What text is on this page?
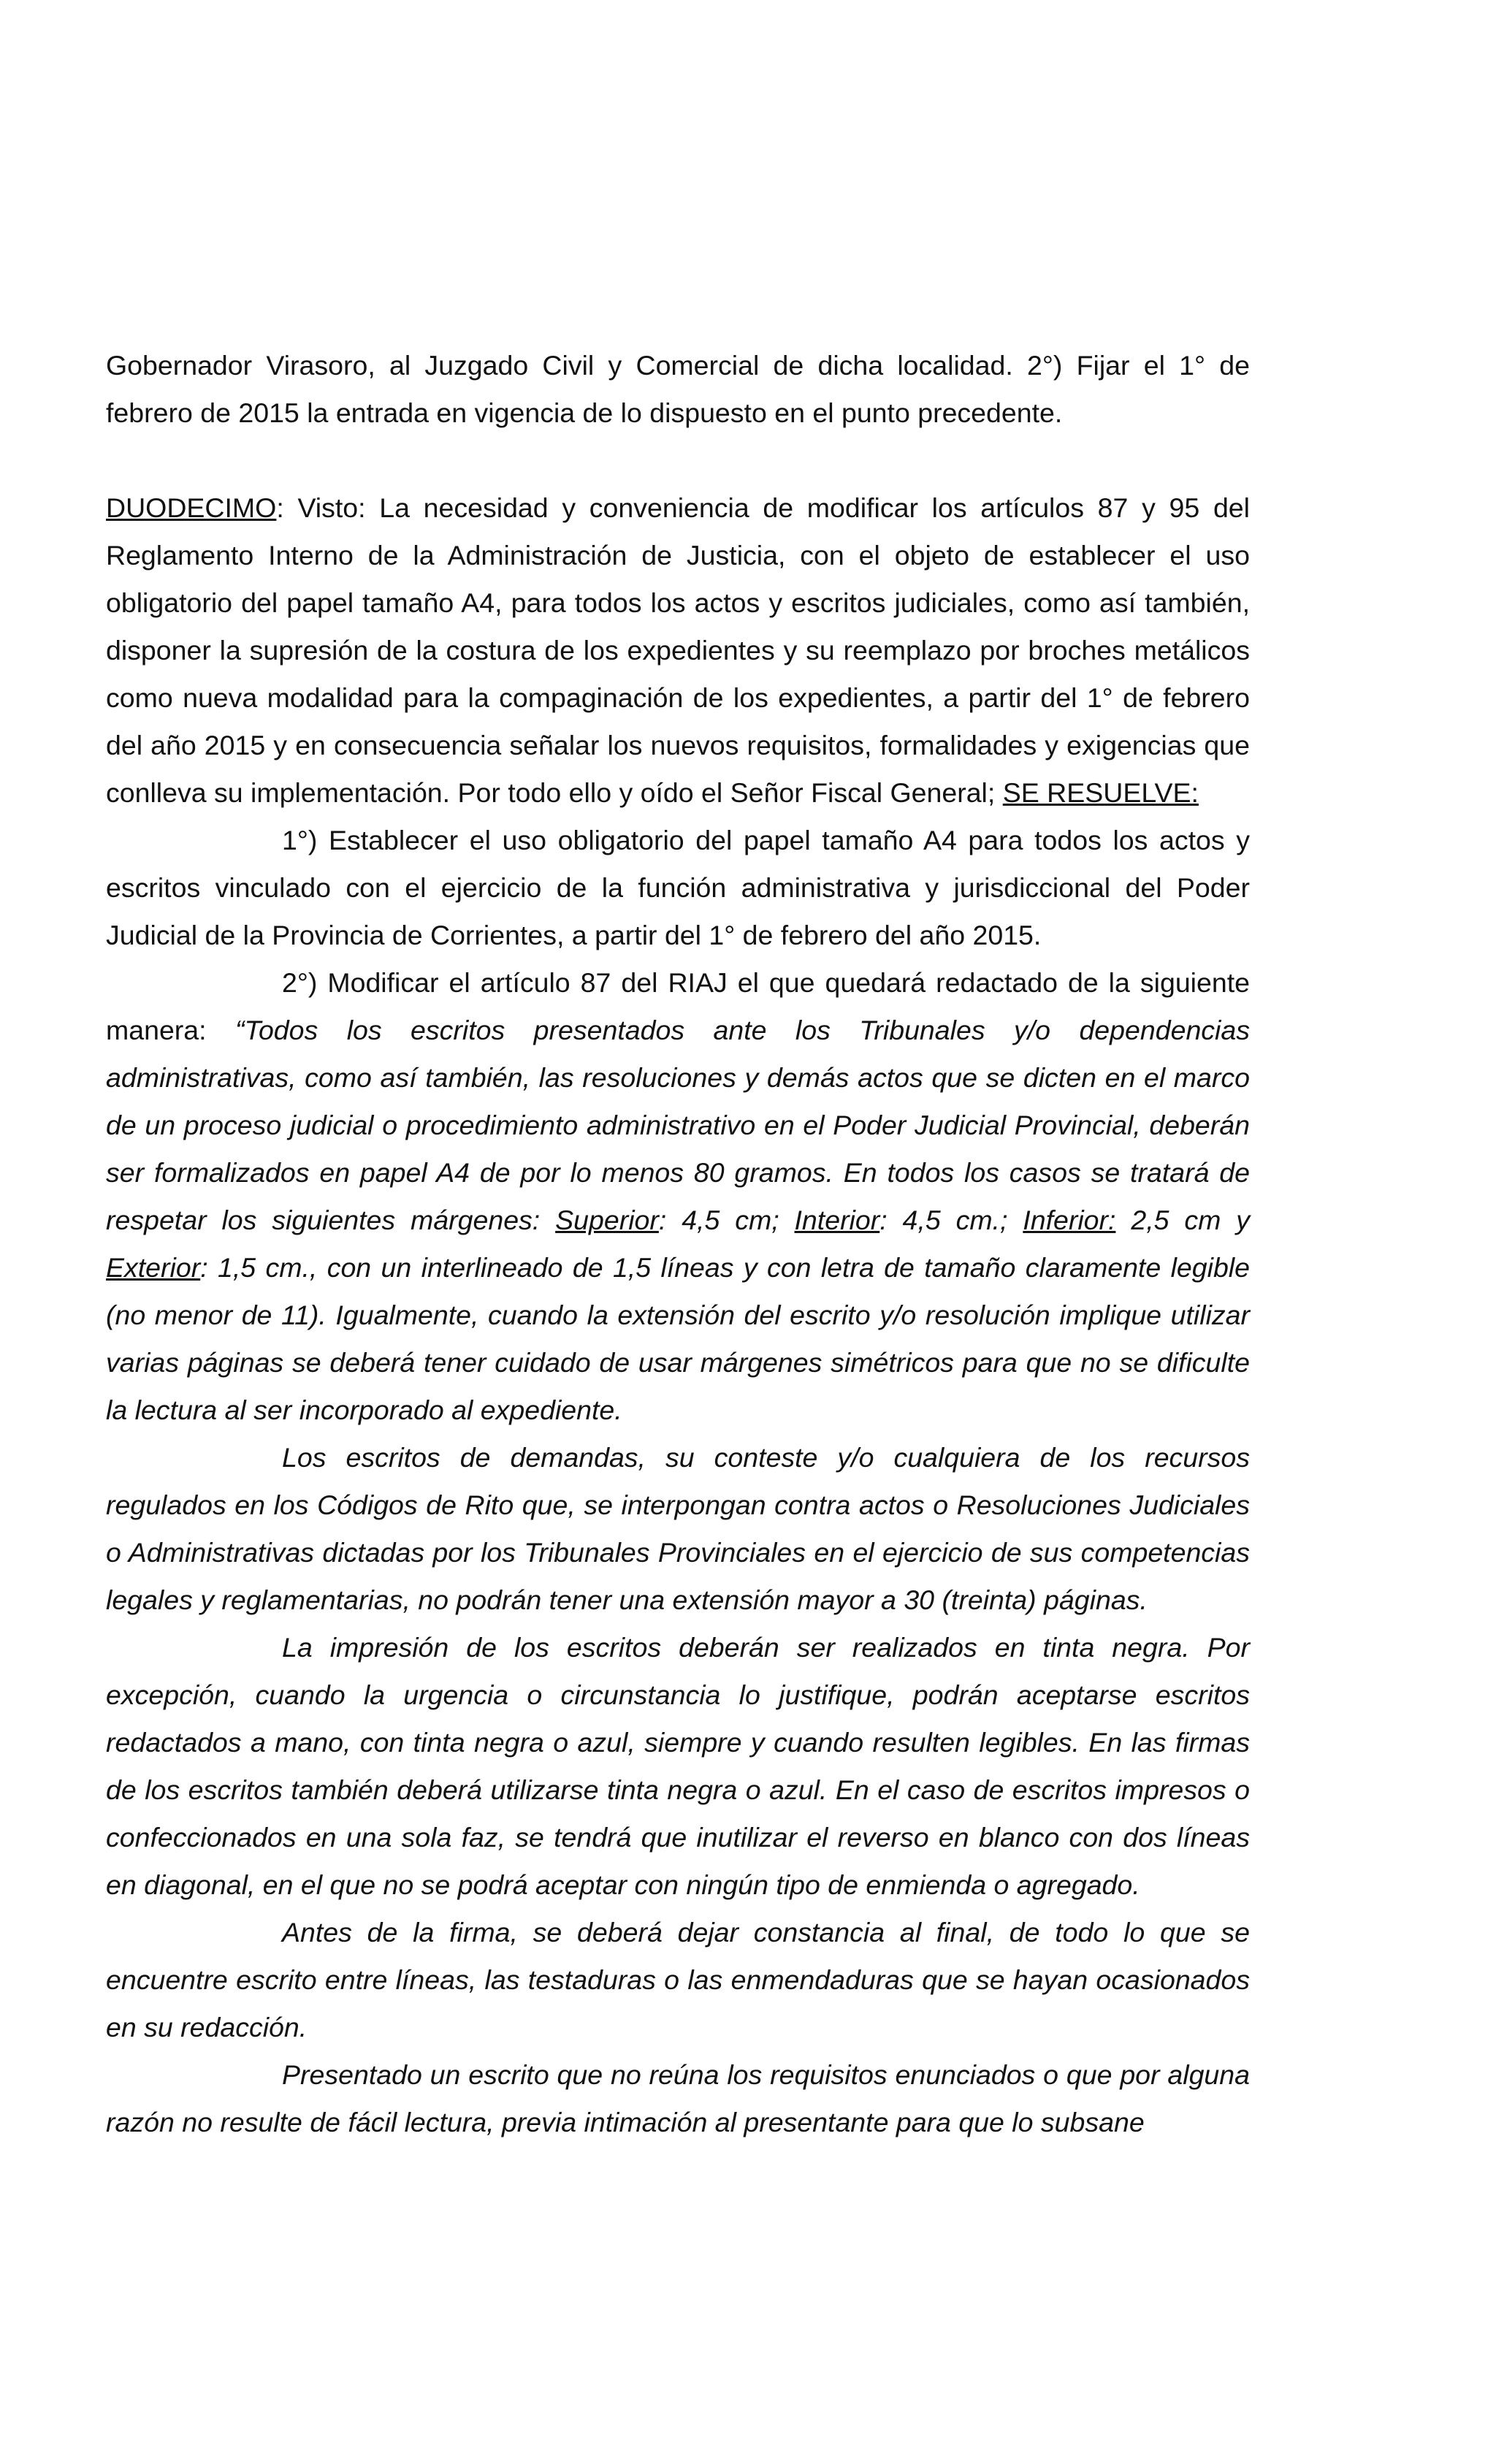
Gobernador Virasoro, al Juzgado Civil y Comercial de dicha localidad. 2°) Fijar el 1° de febrero de 2015 la entrada en vigencia de lo dispuesto en el punto precedente.

DUODECIMO: Visto: La necesidad y conveniencia de modificar los artículos 87 y 95 del Reglamento Interno de la Administración de Justicia, con el objeto de establecer el uso obligatorio del papel tamaño A4, para todos los actos y escritos judiciales, como así también, disponer la supresión de la costura de los expedientes y su reemplazo por broches metálicos como nueva modalidad para la compaginación de los expedientes, a partir del 1° de febrero del año 2015 y en consecuencia señalar los nuevos requisitos, formalidades y exigencias que conlleva su implementación. Por todo ello y oído el Señor Fiscal General; SE RESUELVE:

1°) Establecer el uso obligatorio del papel tamaño A4 para todos los actos y escritos vinculado con el ejercicio de la función administrativa y jurisdiccional del Poder Judicial de la Provincia de Corrientes, a partir del 1° de febrero del año 2015.

2°) Modificar el artículo 87 del RIAJ el que quedará redactado de la siguiente manera: “Todos los escritos presentados ante los Tribunales y/o dependencias administrativas, como así también, las resoluciones y demás actos que se dicten en el marco de un proceso judicial o procedimiento administrativo en el Poder Judicial Provincial, deberán ser formalizados en papel A4 de por lo menos 80 gramos. En todos los casos se tratará de respetar los siguientes márgenes: Superior: 4,5 cm; Interior: 4,5 cm.; Inferior: 2,5 cm y Exterior: 1,5 cm., con un interlineado de 1,5 líneas y con letra de tamaño claramente legible (no menor de 11). Igualmente, cuando la extensión del escrito y/o resolución implique utilizar varias páginas se deberá tener cuidado de usar márgenes simétricos para que no se dificulte la lectura al ser incorporado al expediente.

Los escritos de demandas, su conteste y/o cualquiera de los recursos regulados en los Códigos de Rito que, se interpongan contra actos o Resoluciones Judiciales o Administrativas dictadas por los Tribunales Provinciales en el ejercicio de sus competencias legales y reglamentarias, no podrán tener una extensión mayor a 30 (treinta) páginas.

La impresión de los escritos deberán ser realizados en tinta negra. Por excepción, cuando la urgencia o circunstancia lo justifique, podrán aceptarse escritos redactados a mano, con tinta negra o azul, siempre y cuando resulten legibles. En las firmas de los escritos también deberá utilizarse tinta negra o azul. En el caso de escritos impresos o confeccionados en una sola faz, se tendrá que inutilizar el reverso en blanco con dos líneas en diagonal, en el que no se podrá aceptar con ningún tipo de enmienda o agregado.

Antes de la firma, se deberá dejar constancia al final, de todo lo que se encuentre escrito entre líneas, las testaduras o las enmendaduras que se hayan ocasionados en su redacción.

Presentado un escrito que no reúna los requisitos enunciados o que por alguna razón no resulte de fácil lectura, previa intimación al presentante para que lo subsane
